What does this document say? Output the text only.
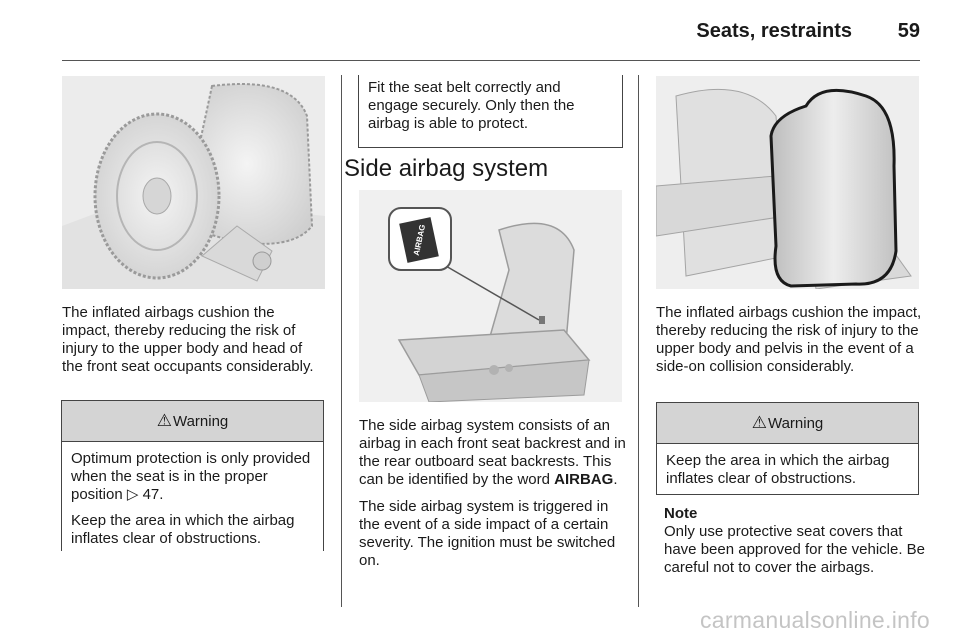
Seats, restraints 59
The inflated airbags cushion the impact, thereby reducing the risk of injury to the upper body and head of the front seat occupants considerably.
⚠ Warning

Optimum protection is only provided when the seat is in the proper position ▷ 47.

Keep the area in which the airbag inflates clear of obstructions.

Fit the seat belt correctly and engage securely. Only then the airbag is able to protect.
Side airbag system
AIRBAG

The side airbag system consists of an airbag in each front seat backrest and in the rear outboard seat backrests. This can be identified by the word AIRBAG.

The side airbag system is triggered in the event of a side impact of a certain severity. The ignition must be switched on.

The inflated airbags cushion the impact, thereby reducing the risk of injury to the upper body and pelvis in the event of a side-on collision considerably.
⚠ Warning
Keep the area in which the airbag inflates clear of obstructions.
Note
Only use protective seat covers that have been approved for the vehicle. Be careful not to cover the airbags.
carmanualsonline.info
